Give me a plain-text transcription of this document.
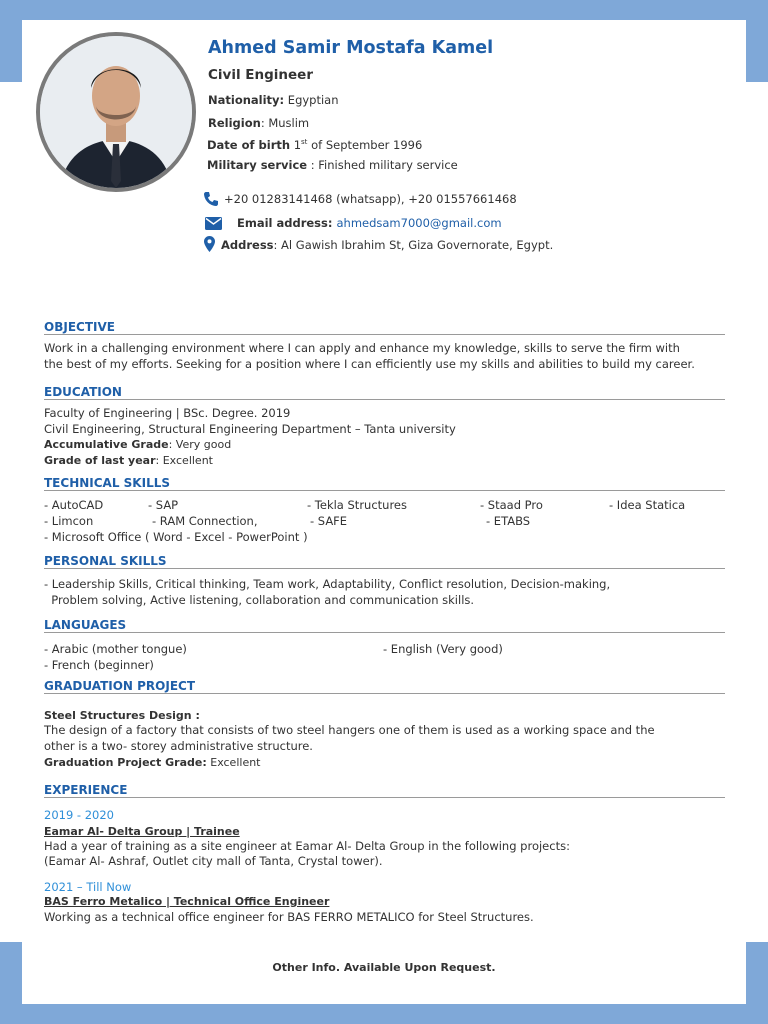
Ahmed Samir Mostafa Kamel
Civil Engineer
Nationality: Egyptian
Religion: Muslim
Date of birth 1st of September 1996
Military service : Finished military service
+20 01283141468 (whatsapp), +20 01557661468
Email address: ahmedsam7000@gmail.com
Address: Al Gawish Ibrahim St, Giza Governorate, Egypt.
OBJECTIVE
Work in a challenging environment where I can apply and enhance my knowledge, skills to serve the firm with
the best of my efforts. Seeking for a position where I can efficiently use my skills and abilities to build my career.
EDUCATION
Faculty of Engineering | BSc. Degree. 2019
Civil Engineering, Structural Engineering Department – Tanta university
Accumulative Grade: Very good
Grade of last year: Excellent
TECHNICAL SKILLS
- AutoCAD	- SAP	- Tekla Structures	- Staad Pro	- Idea Statica
- Limcon	- RAM Connection,	- SAFE	- ETABS
- Microsoft Office ( Word - Excel - PowerPoint )
PERSONAL SKILLS
- Leadership Skills, Critical thinking, Team work, Adaptability, Conflict resolution, Decision-making,
Problem solving, Active listening, collaboration and communication skills.
LANGUAGES
- Arabic (mother tongue)	- English (Very good)
- French (beginner)
GRADUATION PROJECT
Steel Structures Design :
The design of a factory that consists of two steel hangers one of them is used as a working space and the
other is a two- storey administrative structure.
Graduation Project Grade: Excellent
EXPERIENCE
2019 - 2020
Eamar Al- Delta Group | Trainee
Had a year of training as a site engineer at Eamar Al- Delta Group in the following projects:
(Eamar Al- Ashraf, Outlet city mall of Tanta, Crystal tower).
2021 – Till Now
BAS Ferro Metalico | Technical Office Engineer
Working as a technical office engineer for BAS FERRO METALICO for Steel Structures.
Other Info. Available Upon Request.
